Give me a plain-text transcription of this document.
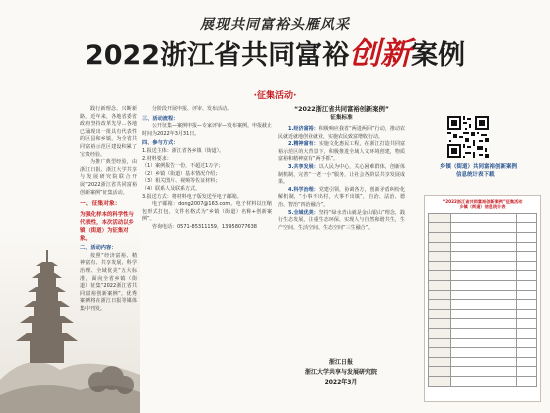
展现共同富裕头雁风采
2022浙江省共同富裕创新案例
·征集活动·

践行新理念、兴断新路，近年来，各地省委省政府坚持改革先导...各地已涌现出一批具有代表性的区县和乡镇，为全省共同富裕示范区建设积累了宝贵经验。

为推广典型经验，由浙江日报、浙江大学共享与发展研究院联合开展“2022浙江省共同富裕创新案例”征集活动。

一、征集对象：
为强化样本的科学性与代表性，本次活动以乡镇（街道）为征集对象。
二、活动内容：

按照“经济富裕、精神富有、共享发展、科学治理、全域优美”五大标准，面向全省乡镇（街道）征集“2022浙江省共同富裕创新案例”，优秀案例将在浙江日报等媒体集中刊发。

分阶段开展申报、评审、发布活动。

三、活动流程：

公开征集—案例申报—专家评审—发布案例。申报截止时间为2022年3月31日。

四、参与方式：
1.报送主体：浙江省各乡镇（街道）。
2.材料要求：
（1）案例报告一份，不超过1万字；
（2）乡镇（街道）基本情况介绍；
（3）相关图片、视频等佐证材料；
（4）联系人及联系方式。
3.报送方式：将材料电子版发送至电子邮箱。

电子邮箱：dong2007@163.com。电子材料以压缩包形式打包，文件名格式为“乡镇（街道）名称+创新案例”。

咨询电话：0571-85311159，13958077638

“2022浙江省共同富裕创新案例”
征集标准

1.经济富裕：积极响应我省“两进两回”行动，推动农民就近就地创业就业，实施农民致富增收行动。

2.精神富有：实施文化惠民工程，在浙江打造共同富裕示范区的大背景下，积极推进全域人文环境创建，物质富裕和精神富有“两手抓”。

3.共享发展：以人民为中心，关心困难群体，创新体制机制，完善“一老一小”服务，让社会各阶层共享发展成果。

4.科学治理：党建引领，协调各方，创新矛盾纠纷化解机制，“小事不出村，大事不出镇”，自治、法治、德治、智治“四治融合”。

5.全域优美：坚持“绿水青山就是金山银山”理念，践行生态发展，注重生态环保，实现人与自然和谐共生，生产空间、生活空间、生态空间“三生融合”。

乡镇（街道）共同富裕创新案例
信息统计表下载
“2022浙江省共同富裕创新案例”征集活动
乡镇（街道）信息统计表
浙江日报
浙江大学共享与发展研究院
2022年3月
